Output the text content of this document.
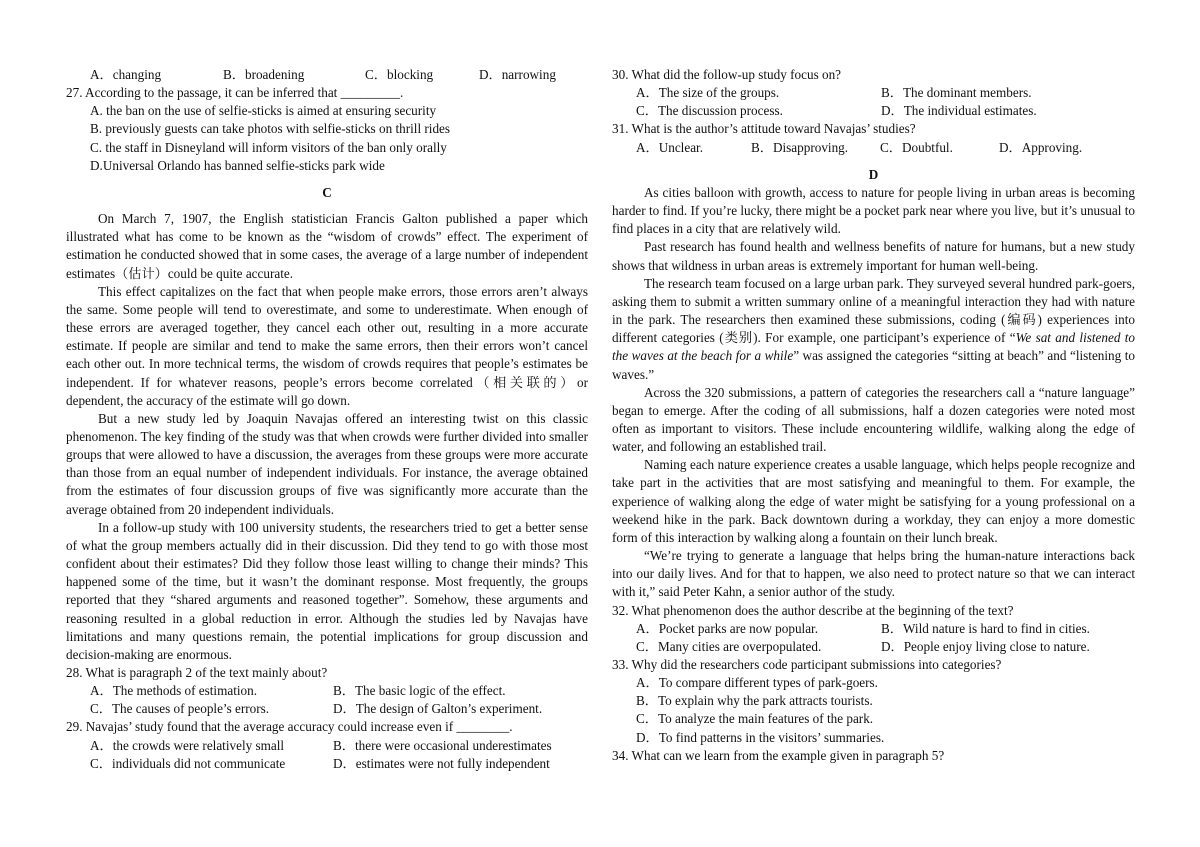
A．changing	B．broadening	C．blocking	D．narrowing
27. According to the passage, it can be inferred that _________.
A. the ban on the use of selfie-sticks is aimed at ensuring security
B. previously guests can take photos with selfie-sticks on thrill rides
C. the staff in Disneyland will inform visitors of the ban only orally
D.Universal Orlando has banned selfie-sticks park wide
C

On March 7, 1907, the English statistician Francis Galton published a paper which illustrated what has come to be known as the “wisdom of crowds” effect. The experiment of estimation he conducted showed that in some cases, the average of a large number of independent estimates（估计）could be quite accurate.

This effect capitalizes on the fact that when people make errors, those errors aren’t always the same. Some people will tend to overestimate, and some to underestimate. When enough of these errors are averaged together, they cancel each other out, resulting in a more accurate estimate. If people are similar and tend to make the same errors, then their errors won’t cancel each other out. In more technical terms, the wisdom of crowds requires that people’s estimates be independent. If for whatever reasons, people’s errors become correlated（相关联的）or dependent, the accuracy of the estimate will go down.

But a new study led by Joaquin Navajas offered an interesting twist on this classic phenomenon. The key finding of the study was that when crowds were further divided into smaller groups that were allowed to have a discussion, the averages from these groups were more accurate than those from an equal number of independent individuals. For instance, the average obtained from the estimates of four discussion groups of five was significantly more accurate than the average obtained from 20 independent individuals.

In a follow-up study with 100 university students, the researchers tried to get a better sense of what the group members actually did in their discussion. Did they tend to go with those most confident about their estimates? Did they follow those least willing to change their minds? This happened some of the time, but it wasn’t the dominant response. Most frequently, the groups reported that they “shared arguments and reasoned together”. Somehow, these arguments and reasoning resulted in a global reduction in error. Although the studies led by Navajas have limitations and many questions remain, the potential implications for group discussion and decision-making are enormous.

28. What is paragraph 2 of the text mainly about?
A．The methods of estimation.	B．The basic logic of the effect.
C．The causes of people’s errors.	D．The design of Galton’s experiment.
29. Navajas’ study found that the average accuracy could increase even if ________.
A．the crowds were relatively small	B．there were occasional underestimates
C．individuals did not communicate	D．estimates were not fully independent
30. What did the follow-up study focus on?
A．The size of the groups.	B．The dominant members.
C．The discussion process.	D．The individual estimates.
31. What is the author’s attitude toward Navajas’ studies?
A．Unclear.	B．Disapproving.	C．Doubtful.	D．Approving.
D

As cities balloon with growth, access to nature for people living in urban areas is becoming harder to find. If you’re lucky, there might be a pocket park near where you live, but it’s unusual to find places in a city that are relatively wild.

Past research has found health and wellness benefits of nature for humans, but a new study shows that wildness in urban areas is extremely important for human well-being.

The research team focused on a large urban park. They surveyed several hundred park-goers, asking them to submit a written summary online of a meaningful interaction they had with nature in the park. The researchers then examined these submissions, coding (编码) experiences into different categories (类别). For example, one participant’s experience of “We sat and listened to the waves at the beach for a while” was assigned the categories “sitting at beach” and “listening to waves.”

Across the 320 submissions, a pattern of categories the researchers call a “nature language” began to emerge. After the coding of all submissions, half a dozen categories were noted most often as important to visitors. These include encountering wildlife, walking along the edge of water, and following an established trail.

Naming each nature experience creates a usable language, which helps people recognize and take part in the activities that are most satisfying and meaningful to them. For example, the experience of walking along the edge of water might be satisfying for a young professional on a weekend hike in the park. Back downtown during a workday, they can enjoy a more domestic form of this interaction by walking along a fountain on their lunch break.

“We’re trying to generate a language that helps bring the human-nature interactions back into our daily lives. And for that to happen, we also need to protect nature so that we can interact with it,” said Peter Kahn, a senior author of the study.

32. What phenomenon does the author describe at the beginning of the text?
A．Pocket parks are now popular.	B．Wild nature is hard to find in cities.
C．Many cities are overpopulated.	D．People enjoy living close to nature.
33. Why did the researchers code participant submissions into categories?
A．To compare different types of park-goers.
B．To explain why the park attracts tourists.
C．To analyze the main features of the park.
D．To find patterns in the visitors’ summaries.
34. What can we learn from the example given in paragraph 5?
